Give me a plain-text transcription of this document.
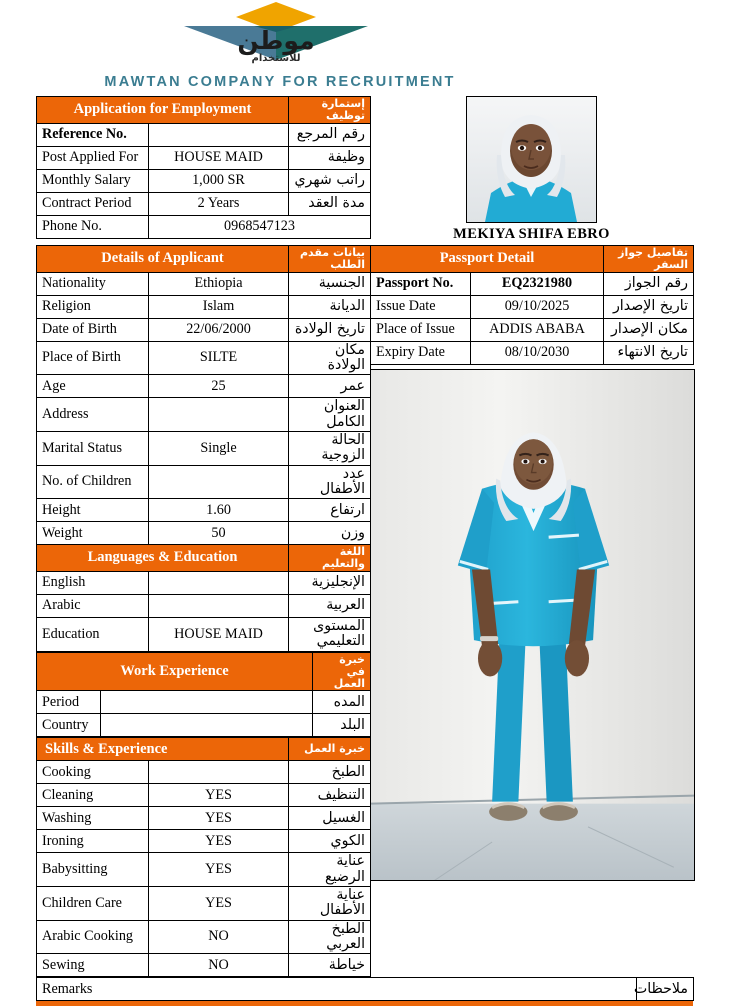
موطن
للاستخدام
MAWTAN COMPANY FOR RECRUITMENT
Application for Employment		إستمارة توظيف
Reference No.		رقم المرجع
Post Applied For	HOUSE MAID	وظيفة
Monthly Salary	1,000 SR	راتب شهري
Contract Period	2 Years	مدة العقد
Phone No.	0968547123		MEKIYA SHIFA EBRO
Details of Applicant		بيانات مقدم الطلب
Nationality	Ethiopia	الجنسية
Religion	Islam	الديانة
Date of Birth	22/06/2000	تاريخ الولادة
Place of Birth	SILTE	مكان الولادة
Age	25	عمر
Address		العنوان الكامل
Marital Status	Single	الحالة الزوجية
No. of Children		عدد الأطفال
Height	1.60	ارتفاع
Weight	50	وزن
Languages & Education		اللغة والتعليم
English		الإنجليزية
Arabic		العربية
Education	HOUSE MAID	المستوى التعليمي
Work Experience		خبرة في العمل
Period		المده
Country		البلد
Skills & Experience		خبرة العمل
Cooking		الطبخ
Cleaning	YES	التنظيف
Washing	YES	الغسيل
Ironing	YES	الكوي
Babysitting	YES	عناية الرضيع
Children Care	YES	عناية الأطفال
Arabic Cooking	NO	الطبخ العربي
Sewing	NO	خياطة
Passport Detail		تفاصيل جواز السفر
Passport No.	EQ2321980	رقم الجواز
Issue Date	09/10/2025	تاريخ الإصدار
Place of Issue	ADDIS ABABA	مكان الإصدار
Expiry Date	08/10/2030	تاريخ الانتهاء
Remarks	ملاحظات
